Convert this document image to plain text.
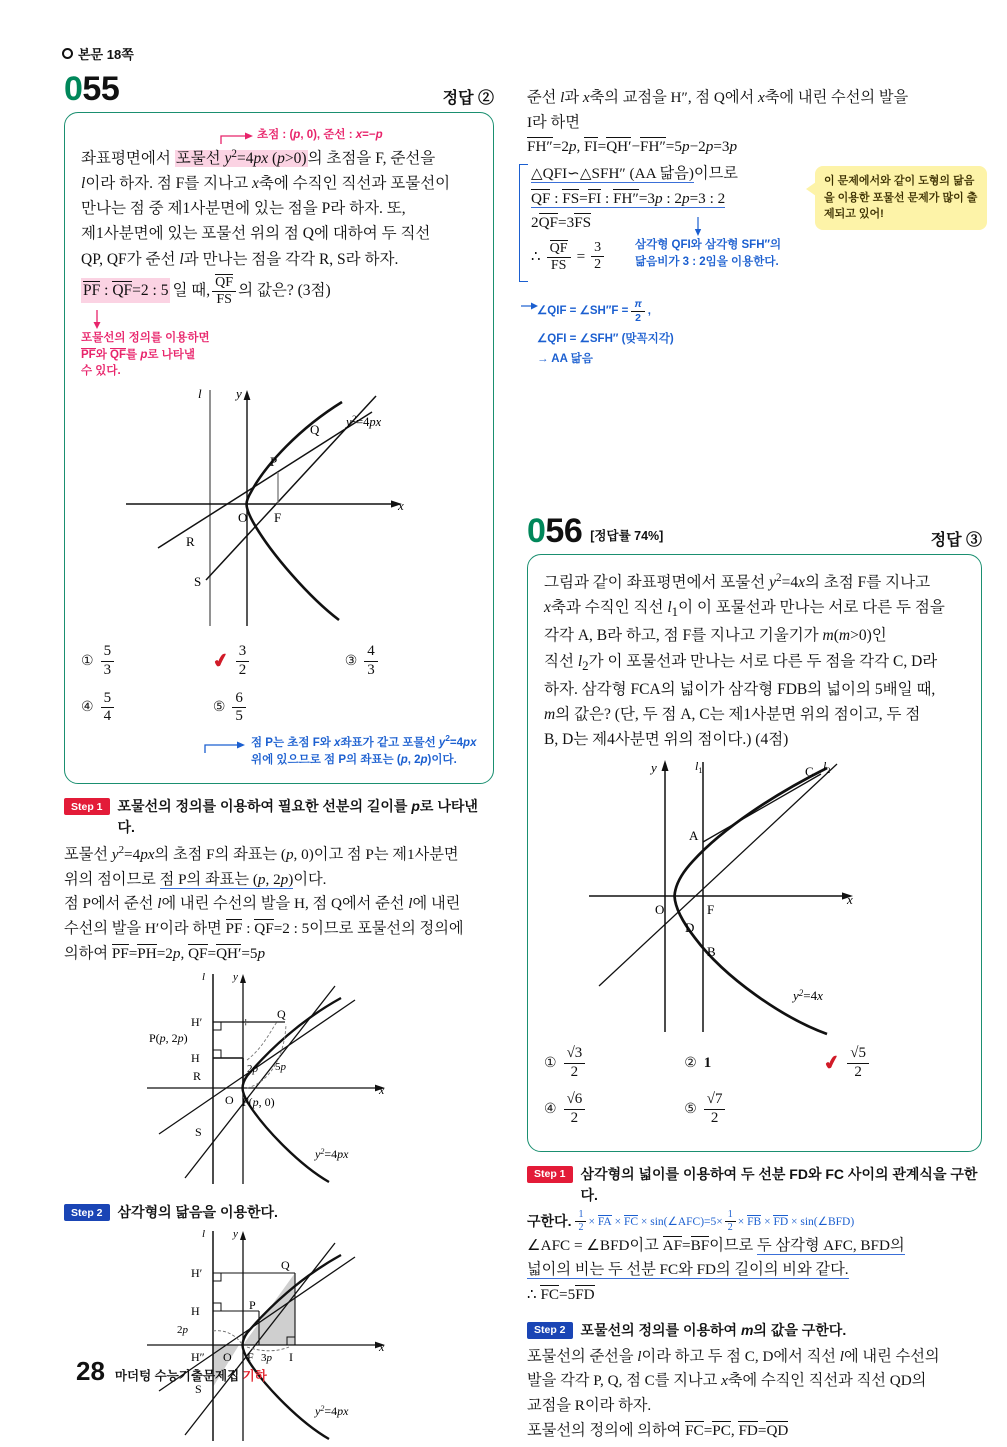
본문 18쪽
055	정답 ②
초점 : (p, 0), 준선 : x=−p

좌표평면에서 포물선 $y^2=4px$ (p>0)의 초점을 F, 준선을

l이라 하자. 점 F를 지나고 x축에 수직인 직선과 포물선이

만나는 점 중 제1사분면에 있는 점을 P라 하자. 또,

제1사분면에 있는 포물선 위의 점 Q에 대하여 두 직선

QP, QF가 준선 l과 만나는 점을 각각 R, S라 하자.

PF : QF=2 : 5 일 때, $\frac{QF}{FS}$ 의 값은? (3점)

포물선의 정의를 이용하면
PF와 QF를 p로 나타낼
수 있다.
l	y
x
Q
P
R
O F
S
$y^2=4px$
① $\frac{5}{3}$	✔ $\frac{3}{2}$	③ $\frac{4}{3}$
④ $\frac{5}{4}$	⑤ $\frac{6}{5}$
점 P는 초점 F와 x좌표가 같고 포물선 $y^2=4px$
위에 있으므로 점 P의 좌표는 (p, 2p)이다.
Step 1	포물선의 정의를 이용하여 필요한 선분의 길이를 p로 나타낸다.

포물선 $y^2=4px$의 초점 F의 좌표는 (p, 0)이고 점 P는 제1사분면

위의 점이므로 점 P의 좌표는 (p, 2p)이다.

점 P에서 준선 l에 내린 수선의 발을 H, 점 Q에서 준선 l에 내린

수선의 발을 H′이라 하면 PF : QF=2 : 5이므로 포물선의 정의에

의하여 PF=PH=2p, QF=QH′=5p

⊹
l	y
x
H′
Q
P(p, 2p)
H
R	2p 5p
O F(p, 0)
S
$y^2=4px$
Step 2	삼각형의 닮음을 이용한다.
l	y
x
H′
Q
H	P
2p
H″ O F 3p I
S
$y^2=4px$

준선 l과 x축의 교점을 H″, 점 Q에서 x축에 내린 수선의 발을

I라 하면

FH″=2p, FI=QH′−FH″=5p−2p=3p

△QFI∽△SFH″ (AA 닮음)이므로

QF : FS=FI : FH″=3p : 2p=3 : 2

2QF=3FS

∴ $\frac{QF}{FS} = \frac{3}{2}$	삼각형 QFI와 삼각형 SFH″의
닮음비가 3 : 2임을 이용한다.
∠QIF = ∠SH″F = $\frac{\pi}{2}$ ,
∠QFI = ∠SFH″ (맞꼭지각)
→ AA 닮음
이 문제에서와 같이 도형의 닮음을 이용한 포물선 문제가 많이 출제되고 있어!
056 [정답률 74%]	정답 ③

그림과 같이 좌표평면에서 포물선 $y^2=4x$의 초점 F를 지나고

x축과 수직인 직선 $l_1$이 이 포물선과 만나는 서로 다른 두 점을

각각 A, B라 하고, 점 F를 지나고 기울기가 m(m>0)인

직선 $l_2$가 이 포물선과 만나는 서로 다른 두 점을 각각 C, D라

하자. 삼각형 FCA의 넓이가 삼각형 FDB의 넓이의 5배일 때,

m의 값은? (단, 두 점 A, C는 제1사분면 위의 점이고, 두 점

B, D는 제4사분면 위의 점이다.) (4점)

y	$l_1$	$l_2$
x
C
A
O	F
D
B
$y^2=4x$
① $\frac{√3}{2}$	② 1	✔ $\frac{√5}{2}$
④ $\frac{√6}{2}$	⑤ $\frac{√7}{2}$
Step 1	삼각형의 넓이를 이용하여 두 선분 FD와 FC 사이의 관계식을 구한다.

구한다. $\frac{1}{2}$ × FA × FC × sin(∠AFC)=5× $\frac{1}{2}$ × FB × FD × sin(∠BFD)

∠AFC = ∠BFD이고 AF=BF이므로 두 삼각형 AFC, BFD의

넓이의 비는 두 선분 FC와 FD의 길이의 비와 같다.

∴ FC=5FD

Step 2	포물선의 정의를 이용하여 m의 값을 구한다.

포물선의 준선을 l이라 하고 두 점 C, D에서 직선 l에 내린 수선의

발을 각각 P, Q, 점 C를 지나고 x축에 수직인 직선과 직선 QD의

교점을 R이라 하자.

포물선의 정의에 의하여 FC=PC, FD=QD

28 마더텅 수능기출문제집 기하
